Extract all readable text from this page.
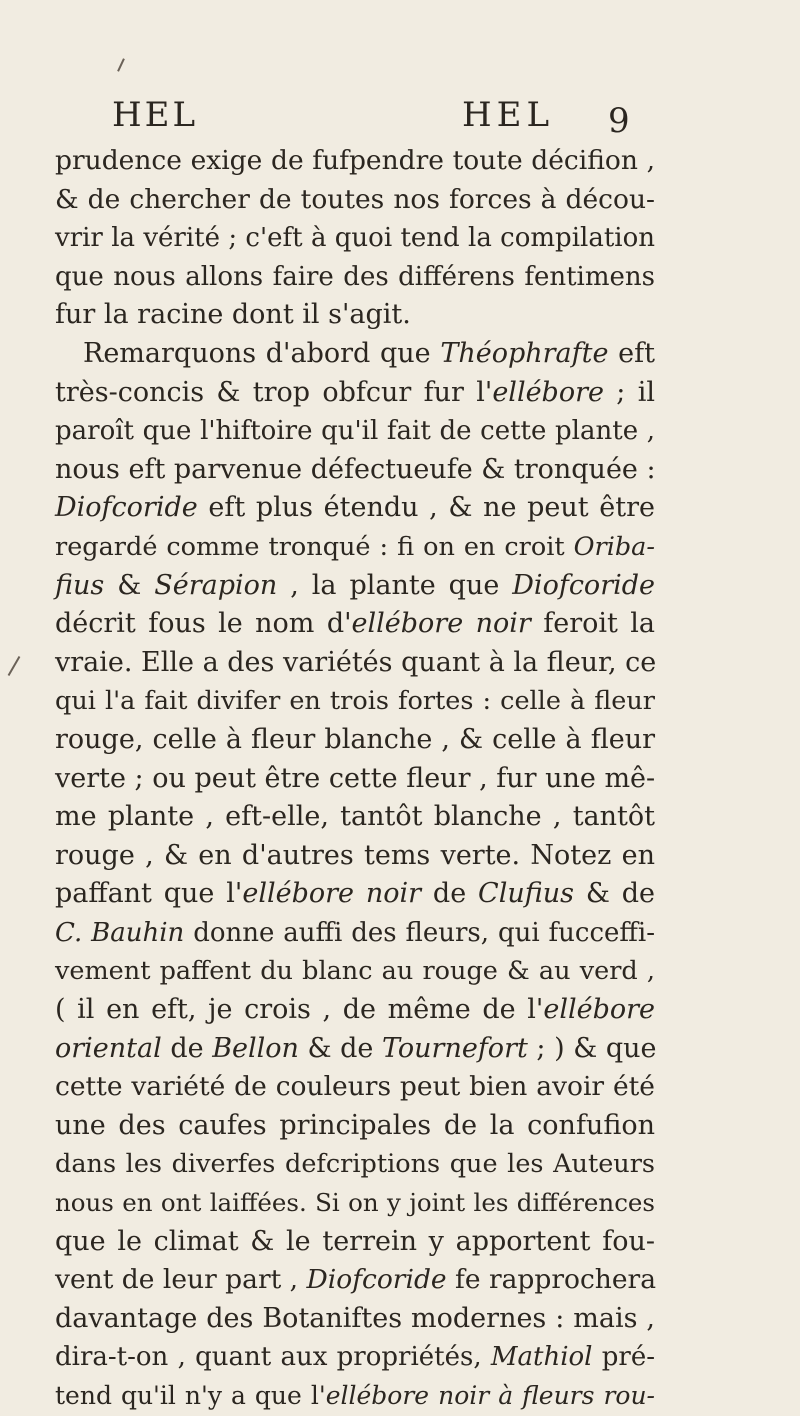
HEL	HEL 9
prudence exige de fufpendre toute décifion ,
& de chercher de toutes nos forces à décou-
vrir la vérité ; c'eft à quoi tend la compilation
que nous allons faire des différens fentimens
fur la racine dont il s'agit.
Remarquons d'abord que Théophrafte eft
très-concis & trop obfcur fur l'ellébore ; il
paroît que l'hiftoire qu'il fait de cette plante ,
nous eft parvenue défectueufe & tronquée :
Diofcoride eft plus étendu , & ne peut être
regardé comme tronqué : fi on en croit Oriba-
fius & Sérapion , la plante que Diofcoride
décrit fous le nom d'ellébore noir feroit la
vraie. Elle a des variétés quant à la fleur, ce
qui l'a fait divifer en trois fortes : celle à fleur
rouge, celle à fleur blanche , & celle à fleur
verte ; ou peut être cette fleur , fur une mê-
me plante , eft-elle, tantôt blanche , tantôt
rouge , & en d'autres tems verte. Notez en
paffant que l'ellébore noir de Clufius & de
C. Bauhin donne auffi des fleurs, qui fucceffi-
vement paffent du blanc au rouge & au verd ,
( il en eft, je crois , de même de l'ellébore
oriental de Bellon & de Tournefort ; ) & que
cette variété de couleurs peut bien avoir été
une des caufes principales de la confufion
dans les diverfes defcriptions que les Auteurs
nous en ont laiffées. Si on y joint les différences
que le climat & le terrein y apportent fou-
vent de leur part , Diofcoride fe rapprochera
davantage des Botaniftes modernes : mais ,
dira-t-on , quant aux propriétés, Mathiol pré-
tend qu'il n'y a que l'ellébore noir à fleurs rou-
